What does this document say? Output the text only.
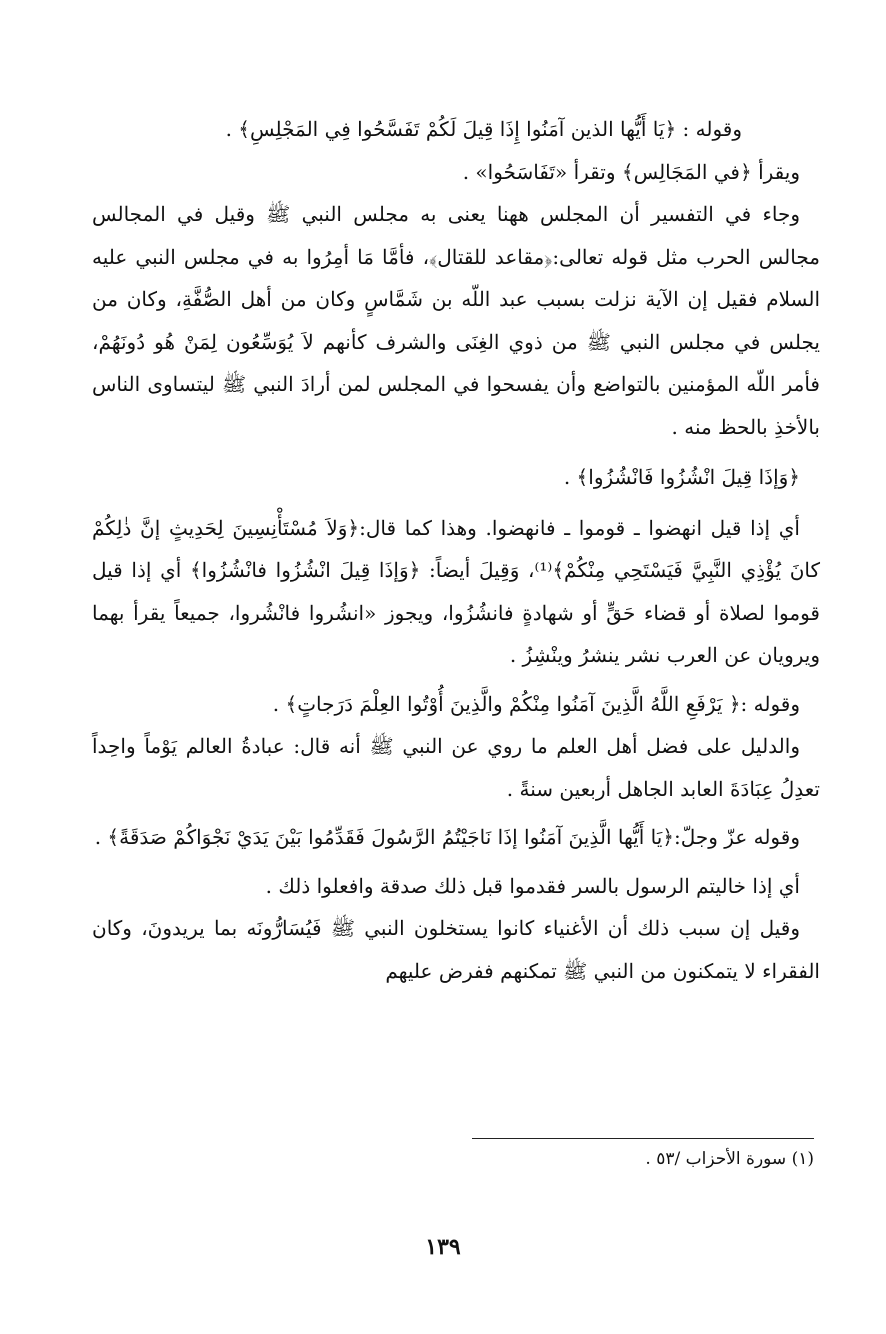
وقوله : ﴿يَا أَيُّها الذين آمَنُوا إِذَا قِيلَ لَكُمْ تَفَسَّحُوا فِي المَجْلِسِ﴾ .

ويقرأ ﴿في المَجَالِس﴾ وتقرأ «تَفَاسَحُوا» .

وجاء في التفسير أن المجلس ههنا يعنى به مجلس النبي ﷺ وقيل في المجالس مجالس الحرب مثل قوله تعالى:﴿مقاعد للقتال﴾، فأمَّا مَا أمِرُوا به في مجلس النبي عليه السلام فقيل إن الآية نزلت بسبب عبد اللّه بن شَمَّاسٍ وكان من أهل الصُّفَّةِ، وكان من يجلس في مجلس النبي ﷺ من ذوي الغِنَى والشرف كأنهم لاَ يُوَسِّعُون لِمَنْ هُو دُونَهُمْ، فأمر اللّه المؤمنين بالتواضع وأن يفسحوا في المجلس لمن أرادَ النبي ﷺ ليتساوى الناس بالأخذِ بالحظ منه .

﴿وَإذَا قِيلَ انْشُزُوا فَانْشُزُوا﴾ .

أي إذا قيل انهضوا ـ قوموا ـ فانهضوا. وهذا كما قال:﴿وَلاَ مُسْتَأْنِسِينَ لِحَدِيثٍ إنَّ ذٰلِكُمْ كانَ يُؤْذِي النَّبِيَّ فَيَسْتَحِي مِنْكُمْ﴾⁽¹⁾، وَقِيلَ أيضاً: ﴿وَإذَا قِيلَ انْشُزُوا فانْشُزُوا﴾ أي إذا قيل قوموا لصلاة أو قضاء حَقٍّ أو شهادةٍ فانشُزُوا، ويجوز «انشُروا فانْشُروا، جميعاً يقرأ بهما ويرويان عن العرب نشر ينشرُ وينْشِزُ .

وقوله :﴿ يَرْفَعِ اللَّهُ الَّذِينَ آمَنُوا مِنْكُمْ والَّذِينَ أُوْتُوا العِلْمَ دَرَجاتٍ﴾ .

والدليل على فضل أهل العلم ما روي عن النبي ﷺ أنه قال: عبادةُ العالم يَوْماً واحِداً تعدِلُ عِبَادَةَ العابد الجاهل أربعين سنةً .

وقوله عزّ وجلّ:﴿يَا أَيُّها الَّذِينَ آمَنُوا إذَا نَاجَيْتُمُ الرَّسُولَ فَقَدِّمُوا بَيْنَ يَدَيْ نَجْوَاكُمْ صَدَقَةً﴾ .

أي إذا خاليتم الرسول بالسر فقدموا قبل ذلك صدقة وافعلوا ذلك .

وقيل إن سبب ذلك أن الأغنياء كانوا يستخلون النبي ﷺ فَيُسَارُّونَه بما يريدونَ، وكان الفقراء لا يتمكنون من النبي ﷺ تمكنهم ففرض عليهم

(١) سورة الأحزاب /٥٣ .
١٣٩
